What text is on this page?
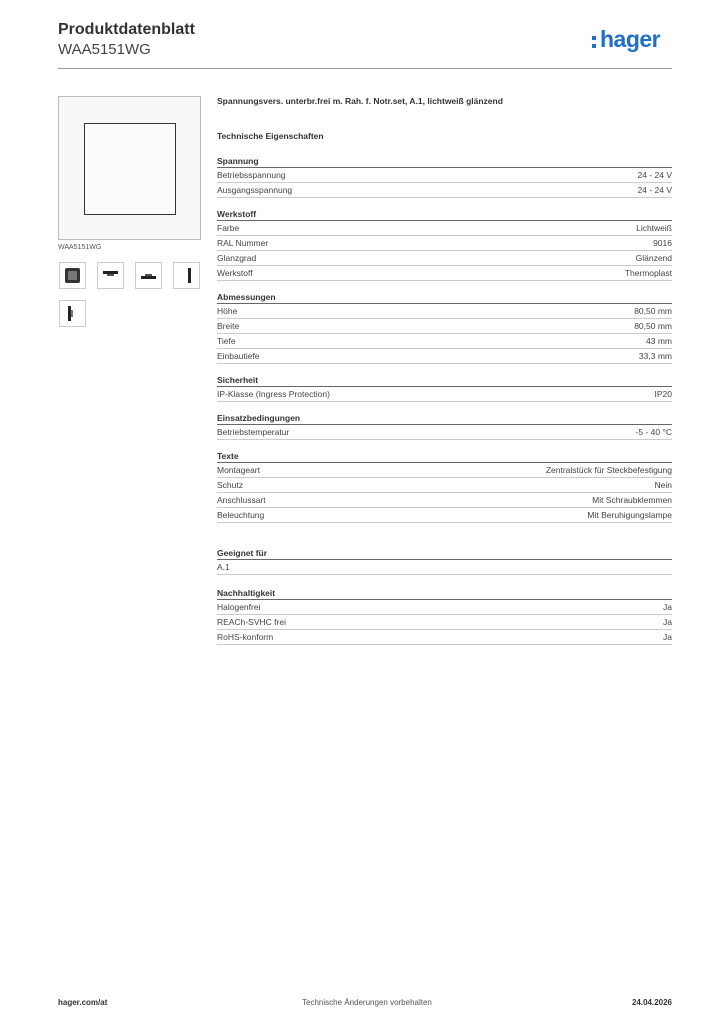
Produktdatenblatt
WAA5151WG	hager
WAA5151WG
Spannungsvers. unterbr.frei m. Rah. f. Notr.set, A.1, lichtweiß glänzend
Technische Eigenschaften
Spannung
Betriebsspannung	24 - 24 V
Ausgangsspannung	24 - 24 V
Werkstoff
Farbe	Lichtweiß
RAL Nummer	9016
Glanzgrad	Glänzend
Werkstoff	Thermoplast
Abmessungen
Höhe	80,50 mm
Breite	80,50 mm
Tiefe	43 mm
Einbautiefe	33,3 mm
Sicherheit
IP-Klasse (Ingress Protection)	IP20
Einsatzbedingungen
Betriebstemperatur	-5 - 40 °C
Texte
Montageart	Zentralstück für Steckbefestigung
Schutz	Nein
Anschlussart	Mit Schraubklemmen
Beleuchtung	Mit Beruhigungslampe
Geeignet für
A.1
Nachhaltigkeit
Halogenfrei	Ja
REACh-SVHC frei	Ja
RoHS-konform	Ja
hager.com/at	Technische Änderungen vorbehalten	24.04.2026
